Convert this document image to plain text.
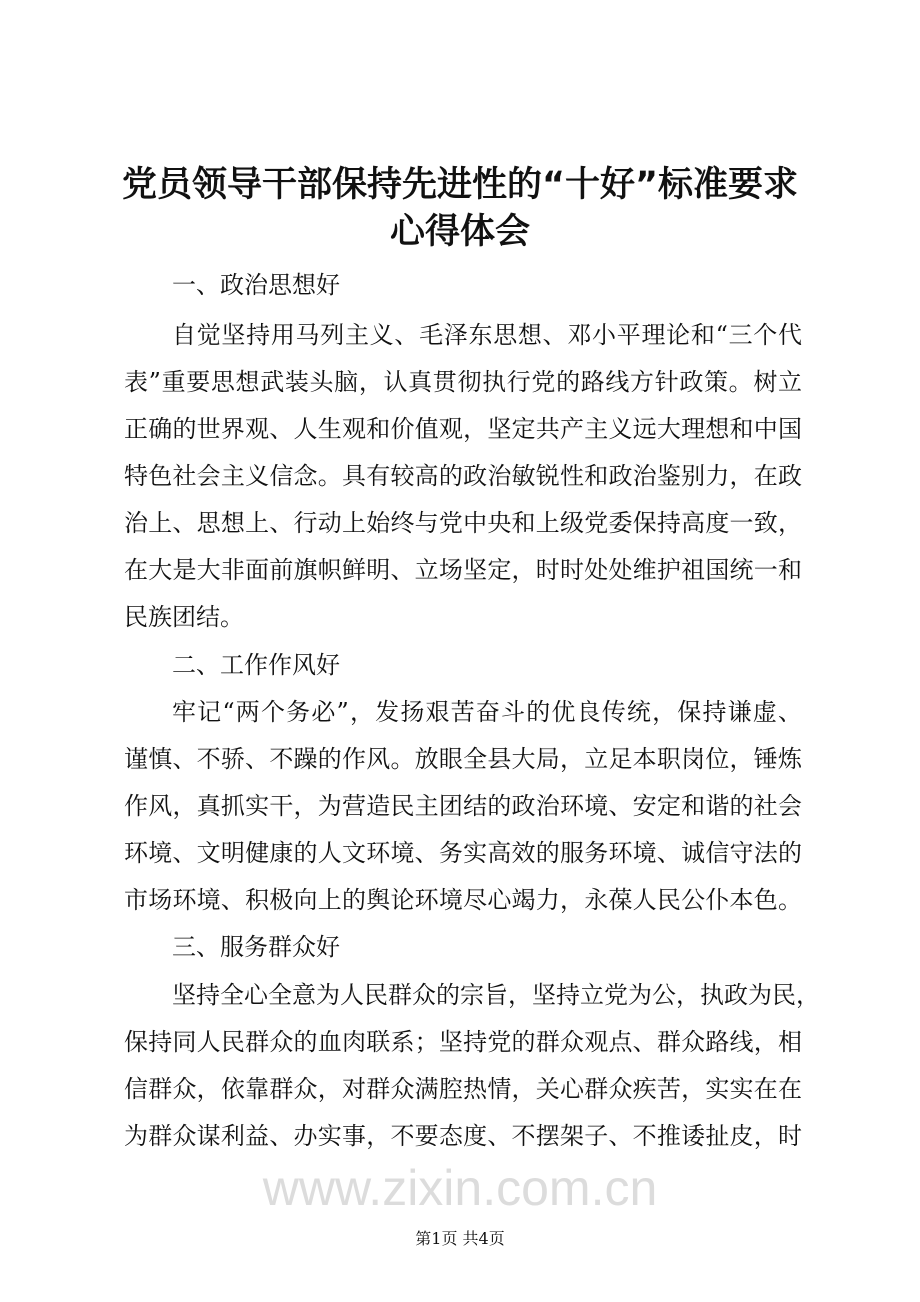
党员领导干部保持先进性的“十好”标准要求
心得体会
一、政治思想好
自觉坚持用马列主义、毛泽东思想、邓小平理论和“三个代
表”重要思想武装头脑，认真贯彻执行党的路线方针政策。树立
正确的世界观、人生观和价值观，坚定共产主义远大理想和中国
特色社会主义信念。具有较高的政治敏锐性和政治鉴别力，在政
治上、思想上、行动上始终与党中央和上级党委保持高度一致，
在大是大非面前旗帜鲜明、立场坚定，时时处处维护祖国统一和
民族团结。
二、工作作风好
牢记“两个务必”，发扬艰苦奋斗的优良传统，保持谦虚、
谨慎、不骄、不躁的作风。放眼全县大局，立足本职岗位，锤炼
作风，真抓实干，为营造民主团结的政治环境、安定和谐的社会
环境、文明健康的人文环境、务实高效的服务环境、诚信守法的
市场环境、积极向上的舆论环境尽心竭力，永葆人民公仆本色。
三、服务群众好
坚持全心全意为人民群众的宗旨，坚持立党为公，执政为民，
保持同人民群众的血肉联系；坚持党的群众观点、群众路线，相
信群众，依靠群众，对群众满腔热情，关心群众疾苦，实实在在
为群众谋利益、办实事，不要态度、不摆架子、不推诿扯皮，时
www.zixin.com.cn
第1页 共4页
